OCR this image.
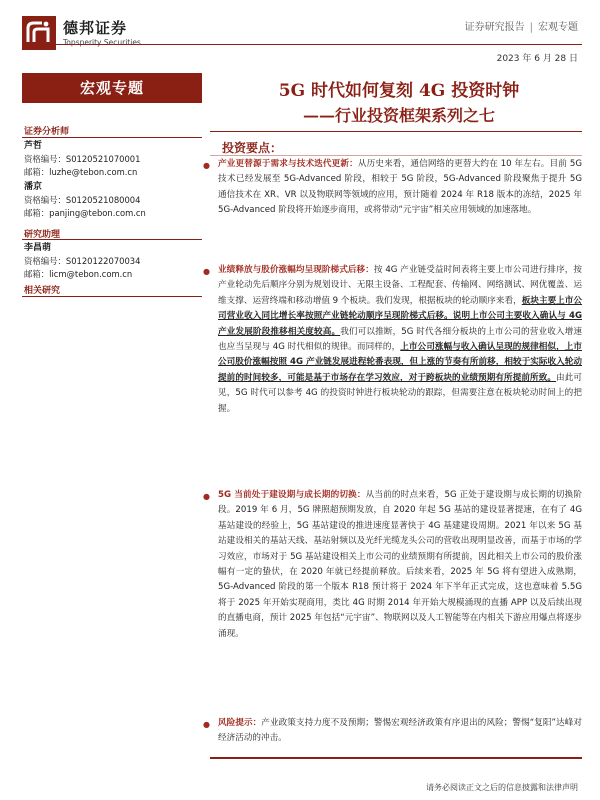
德邦证券
Topsperity Securities
证券研究报告 | 宏观专题
2023 年 6 月 28 日
宏观专题
证券分析师
芦哲
资格编号：S0120521070001
邮箱：luzhe@tebon.com.cn
潘京
资格编号：S0120521080004
邮箱：panjing@tebon.com.cn
研究助理
李昌萌
资格编号：S0120122070034
邮箱：licm@tebon.com.cn
相关研究
5G 时代如何复刻 4G 投资时钟
——行业投资框架系列之七
投资要点：
● 产业更替源于需求与技术迭代更新：从历史来看，通信网络的更替大约在 10 年左右。目前 5G 技术已经发展至 5G-Advanced 阶段，相较于 5G 阶段，5G-Advanced 阶段聚焦于提升 5G 通信技术在 XR、VR 以及物联网等领域的应用，预计随着 2024 年 R18 版本的冻结，2025 年 5G-Advanced 阶段将开始逐步商用，或将带动“元宇宙”相关应用领域的加速落地。
● 业绩释放与股价涨幅均呈现阶梯式后移：按 4G 产业链受益时间表将主要上市公司进行排序，按产业轮动先后顺序分别为规划设计、无限主设备、工程配套、传输网、网络测试、网优覆盖、运维支撑、运营终端和移动增值 9 个板块。我们发现，根据板块的轮动顺序来看，板块主要上市公司营业收入同比增长率按照产业链轮动顺序呈现阶梯式后移。说明上市公司主要收入确认与 4G 产业发展阶段推移相关度较高。我们可以推断，5G 时代各细分板块的上市公司的营业收入增速也应当呈现与 4G 时代相似的规律。而同样的，上市公司涨幅与收入确认呈现的规律相似，上市公司股价涨幅按照 4G 产业链发展进程轮番表现，但上涨的节奏有所前移，相较于实际收入轮动提前的时间较多，可能是基于市场存在学习效应，对于跨板块的业绩预期有所提前所致。由此可见，5G 时代可以参考 4G 的投资时钟进行板块轮动的跟踪，但需要注意在板块轮动时间上的把握。
● 5G 当前处于建设期与成长期的切换：从当前的时点来看，5G 正处于建设期与成长期的切换阶段。2019 年 6 月，5G 牌照超预期发放，自 2020 年起 5G 基站的建设显著提速，在有了 4G 基站建设的经验上，5G 基站建设的推进速度显著快于 4G 基建建设周期。2021 年以来 5G 基站建设相关的基站天线、基站射频以及光纤光缆龙头公司的营收出现明显改善，而基于市场的学习效应，市场对于 5G 基站建设相关上市公司的业绩预期有所提前，因此相关上市公司的股价涨幅有一定的蛰伏，在 2020 年就已经提前释放。后续来看，2025 年 5G 将有望进入成熟期，5G-Advanced 阶段的第一个版本 R18 预计将于 2024 年下半年正式完成，这也意味着 5.5G 将于 2025 年开始实现商用，类比 4G 时期 2014 年开始大规模涌现的直播 APP 以及后续出现的直播电商，预计 2025 年包括“元宇宙”、物联网以及人工智能等在内相关下游应用爆点将逐步涌现。
● 风险提示：产业政策支持力度不及预期；警惕宏观经济政策有序退出的风险；警惕“复阳”达峰对经济活动的冲击。
请务必阅读正文之后的信息披露和法律声明
